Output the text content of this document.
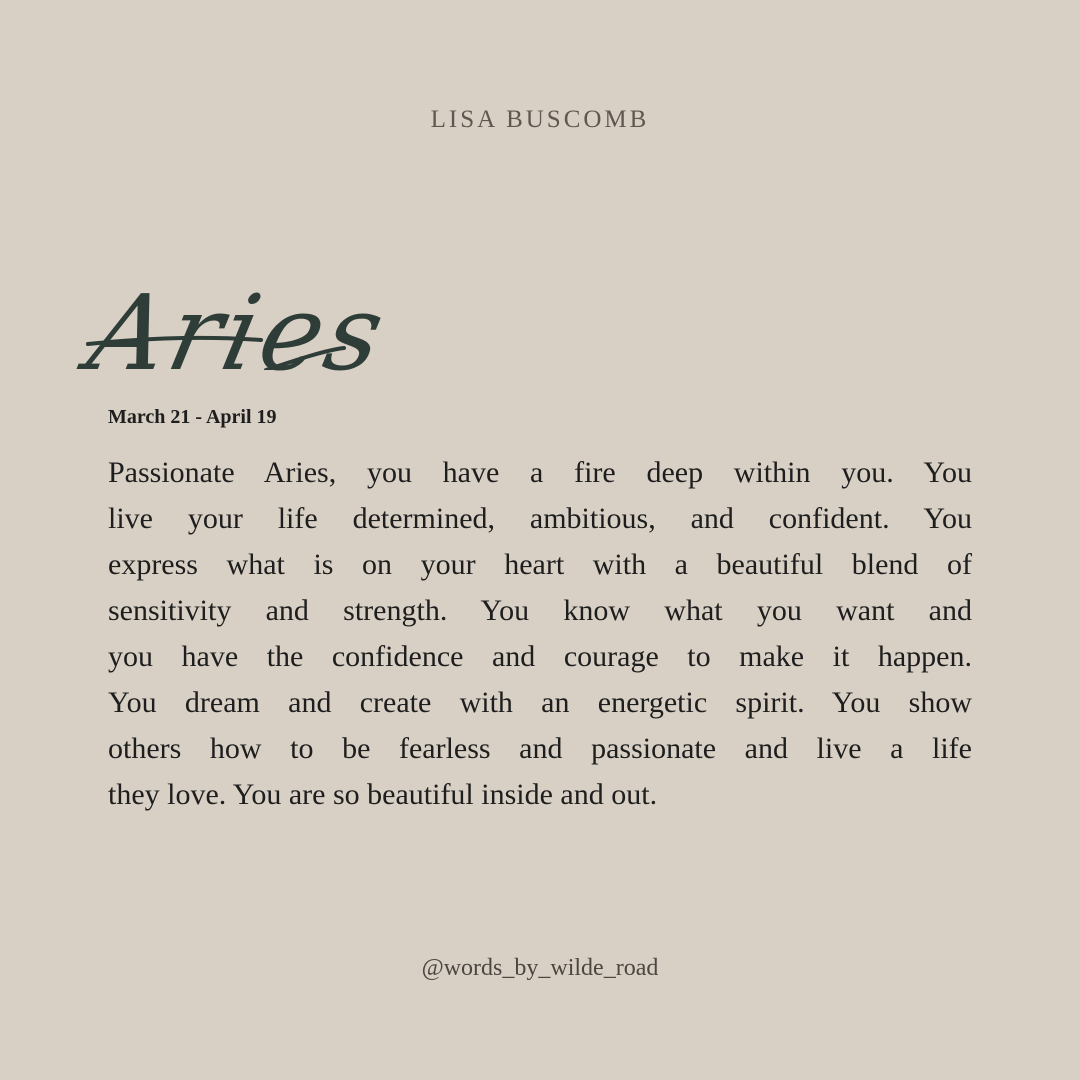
LISA BUSCOMB
Aries
March 21 - April 19
Passionate Aries, you have a fire deep within you. You
live your life determined, ambitious, and confident. You
express what is on your heart with a beautiful blend of
sensitivity and strength. You know what you want and
you have the confidence and courage to make it happen.
You dream and create with an energetic spirit. You show
others how to be fearless and passionate and live a life
they love. You are so beautiful inside and out.
@words_by_wilde_road
